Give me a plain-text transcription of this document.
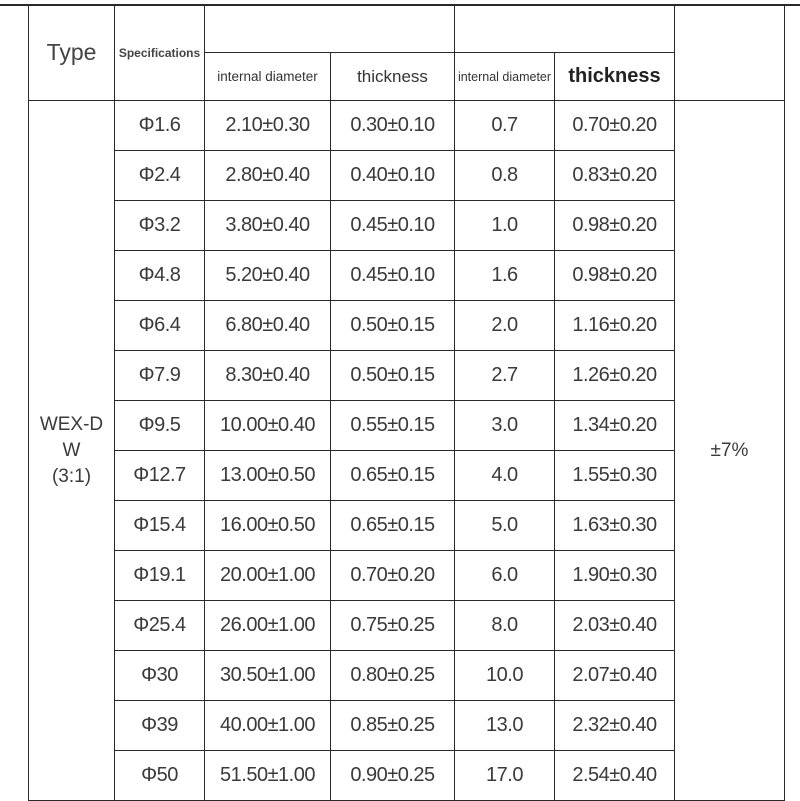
Type	Specifications					
		internal diameter	thickness	internal diameter	thickness	

WEX-D
W
(3:1)	Φ1.6	2.10±0.30	0.30±0.10	0.7	0.70±0.20	±7%
	Φ2.4	2.80±0.40	0.40±0.10	0.8	0.83±0.20	
	Φ3.2	3.80±0.40	0.45±0.10	1.0	0.98±0.20	
	Φ4.8	5.20±0.40	0.45±0.10	1.6	0.98±0.20	
	Φ6.4	6.80±0.40	0.50±0.15	2.0	1.16±0.20	
	Φ7.9	8.30±0.40	0.50±0.15	2.7	1.26±0.20	
	Φ9.5	10.00±0.40	0.55±0.15	3.0	1.34±0.20	
	Φ12.7	13.00±0.50	0.65±0.15	4.0	1.55±0.30	
	Φ15.4	16.00±0.50	0.65±0.15	5.0	1.63±0.30	
	Φ19.1	20.00±1.00	0.70±0.20	6.0	1.90±0.30	
	Φ25.4	26.00±1.00	0.75±0.25	8.0	2.03±0.40	
	Φ30	30.50±1.00	0.80±0.25	10.0	2.07±0.40	
	Φ39	40.00±1.00	0.85±0.25	13.0	2.32±0.40	
	Φ50	51.50±1.00	0.90±0.25	17.0	2.54±0.40	
